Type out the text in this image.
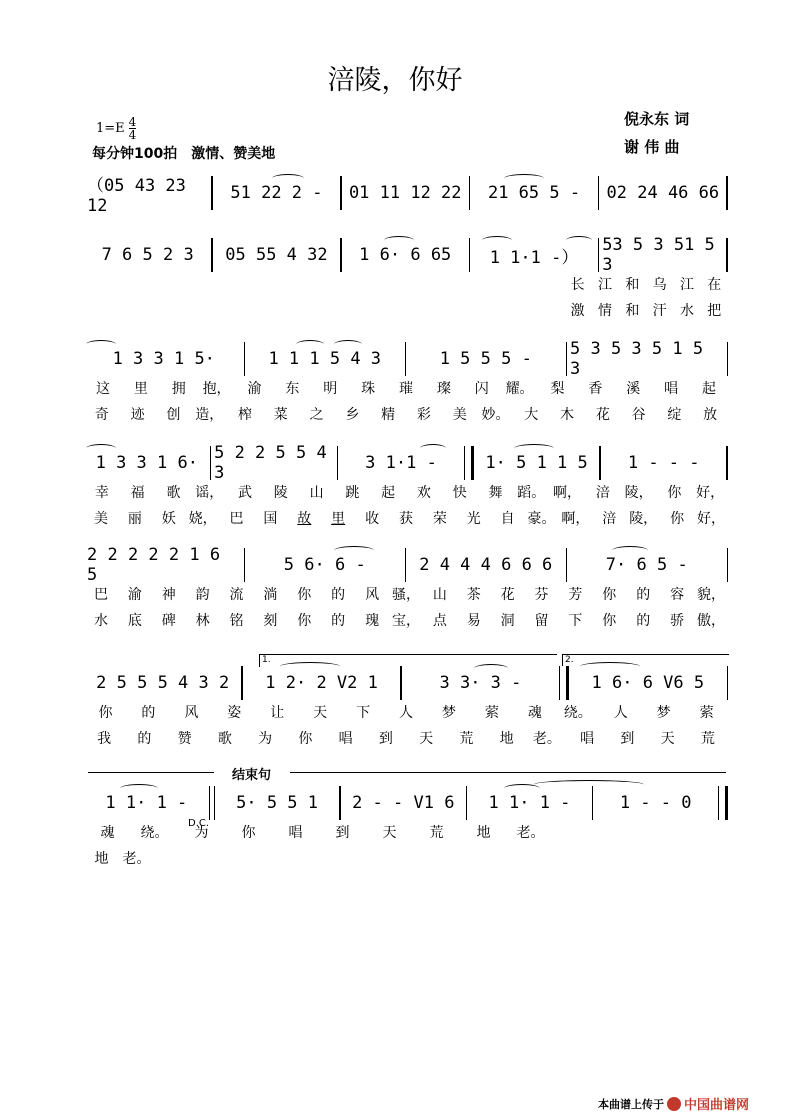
涪陵，你好
$1=E \frac{4}{4}$
每分钟100拍　激情、赞美地
倪永东 词
谢 伟 曲
（05 43 23 12
51 22 2 -	01 11 12 22	21 65 5 -	02 24 46 66
7 6 5 2 3	05 55 4 32	1 6· 6 65	1 1·1 -）
53 5 3 51 5 3
长 江 和 乌 江 在
激 情 和 汗 水 把
1 3 3 1 5·	1 1 1 5 4 3	1 5 5 5 -	5 3 5 3 5 1 5 3
这	里	拥	抱，	渝	东	明	珠	璀	璨	闪	耀。	梨	香	溪	唱	起
奇	迹	创	造，	榨	菜	之	乡	精	彩	美	妙。	大	木	花	谷	绽	放
1 3 3 1 6· 5 2 2 5 5 4 3	3 1·1 -	1· 5 1 1 5	1 - - -
幸	福	歌	谣，	武	陵	山	跳	起	欢	快	舞	蹈。 啊，	涪	陵，	你	好，
美	丽	妖 娆， 巴	国	故	里	收	获	荣	光	自 豪。 啊， 涪 陵， 你 好，
2 2 2 2 2 1 6 5	5 6· 6 -	2 4 4 4 6 6 6	7· 6 5 -
巴	渝	神	韵	流	淌	你	的	风 骚， 山	茶	花	芬	芳	你	的	容 貌，
水	底	碑	林	铭	刻	你	的	瑰 宝， 点	易	洞	留	下	你	的	骄 傲，
1.	2.
2 5 5 5 4 3 2	1 2· 2 V2 1	3 3· 3 -	1 6· 6 V6 5
你	的	风	姿	让	天	下	人	梦	萦	魂	绕。	人	梦	萦
我	的	赞	歌	为	你	唱	到	天	荒	地	老。	唱	到	天	荒
结束句
1 1· 1 -	5· 5 5 1	2 - - V1 6	1 1· 1 -	1 - - 0
D.C.
魂	绕。	为	你	唱	到	天	荒	地	老。
地	老。
本曲谱上传于 中国曲谱网
